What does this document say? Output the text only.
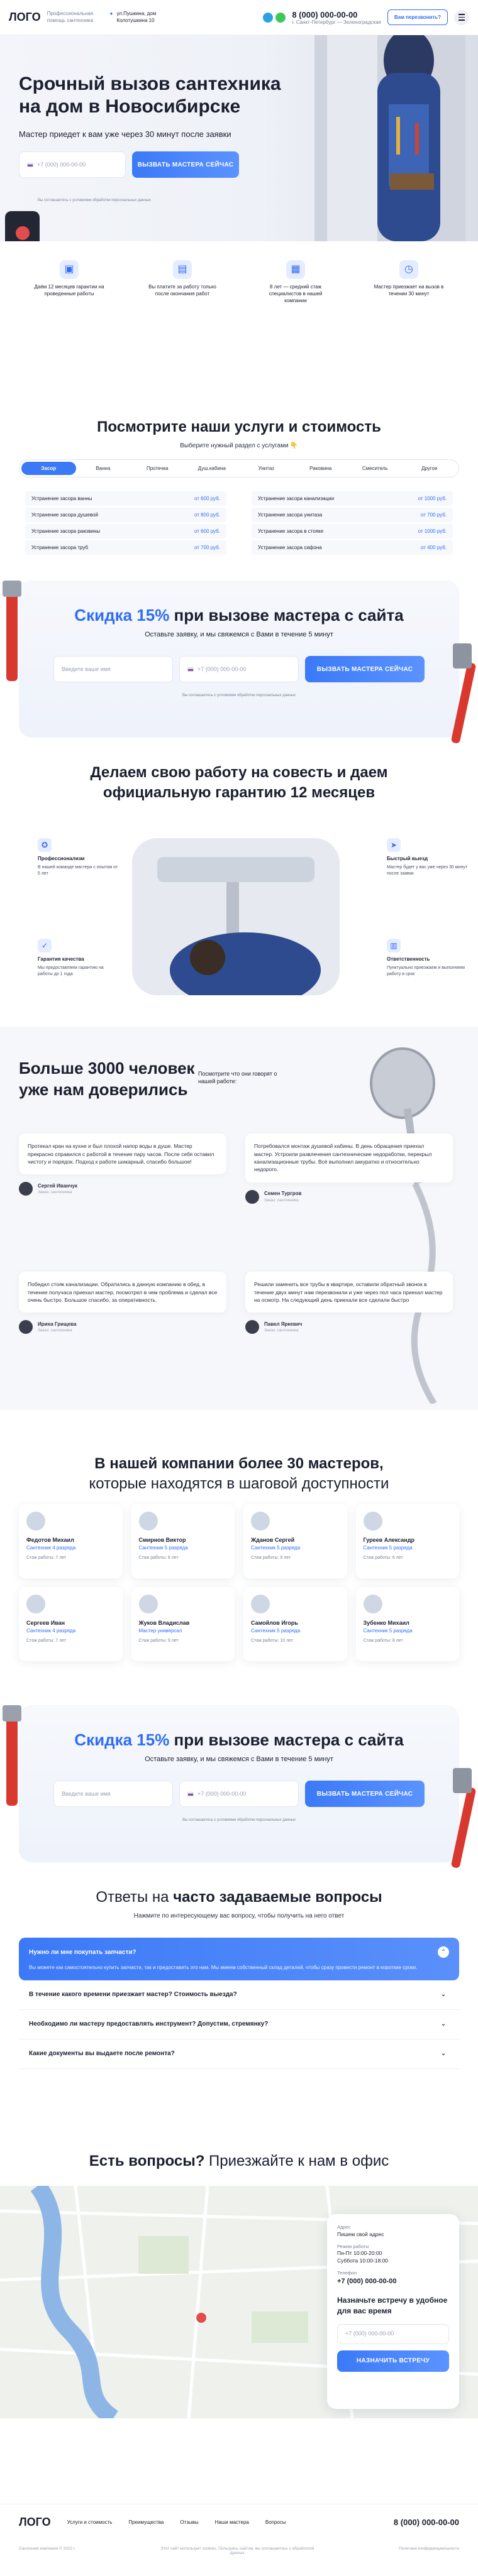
ЛОГО Профессиональная помощь сантехника
● ул.Пушкина, дом Колотушкина 10
8 (000) 000-00-00
г. Санкт-Петербург — Зеленоградская
Вам перезвонить?
Срочный вызов сантехника
на дом в Новосибирске
Мастер приедет к вам уже через 30 минут после заявки
+7 (000) 000-00-00	ВЫЗВАТЬ МАСТЕРА СЕЙЧАС
Вы соглашаетесь с условиями обработки персональных данных
▣
Даём 12 месяцев гарантии на проведенные работы
▤
Вы платите за работу только после окончания работ
▦
8 лет — средний стаж специалистов в нашей компании
◷
Мастер приезжает на вызов в течении 30 минут
Посмотрите наши услуги и стоимость
Выберите нужный раздел с услугами 👇
Засор	Ванна	Протечка	Душ.кабина	Унитаз	Раковина	Смеситель	Другое
Устранение засора ванны	от 600 руб.
Устранение засора душевой	от 800 руб.
Устранение засора раковины	от 600 руб.
Устранение засора труб	от 700 руб.
Устранение засора канализации	от 1000 руб.
Устранение засора унитаза	от 700 руб.
Устранение засора в стояке	от 1000 руб.
Устранение засора сифона	от 400 руб.
Скидка 15% при вызове мастера с сайта
Оставьте заявку, и мы свяжемся с Вами в течение 5 минут
Введите ваше имя	+7 (000) 000-00-00	ВЫЗВАТЬ МАСТЕРА СЕЙЧАС
Вы соглашаетесь с условиями обработки персональных данных
Делаем свою работу на совесть и даем
официальную гарантию 12 месяцев
✪
Профессионализм
В нашей команде мастера с опытом от 5 лет
➤
Быстрый выезд
Мастер будет у вас уже через 30 минут после заявки
✓
Гарантия качества
Мы предоставляем гарантию на работы до 1 года
▥
Ответственность
Пунктуально приезжаем и выполняем работу в срок
Больше 3000 человек
уже нам доверились
Посмотрите что они говорят о нашей работе:
Протекал кран на кухне и был плохой напор воды в душе. Мастер прекрасно справился с работой в течение пару часов. После себя оставил чистоту и порядок. Подход к работе шикарный, спасибо большое!
Сергей Иванчук
Заказ: сантехника
Потребовался монтаж душевой кабины. В день обращения приехал мастер. Устроили развлечения сантехнические недоработки, перекрыл канализационные трубы. Всё выполнил аккуратно и относительно недорого.
Семен Тургров
Заказ: сантехника
Победил стояк канализации. Обратились в данную компанию в обед, в течение получаса приехал мастер, посмотрел в чем проблема и сделал все очень быстро. Большое спасибо, за оперативность.
Ирина Грищева
Заказ: сантехника
Решили заменить все трубы в квартире, оставили обратный звонок в течение двух минут нам перезвонили и уже через пол часа приехал мастер на осмотр. На следующий день приехали все сделали быстро
Павел Яркевич
Заказ: сантехника
В нашей компании более 30 мастеров,
которые находятся в шаговой доступности
Федотов Михаил
Сантехник 4 разряда
Стаж работы: 7 лет
Смирнов Виктор
Сантехник 5 разряда
Стаж работы: 8 лет
Жданов Сергей
Сантехник 5 разряда
Стаж работы: 9 лет
Гуреев Александр
Сантехник 5 разряда
Стаж работы: 6 лет
Сергеев Иван
Сантехник 4 разряда
Стаж работы: 7 лет
Жуков Владислав
Мастер универсал
Стаж работы: 9 лет
Самойлов Игорь
Сантехник 5 разряда
Стаж работы: 10 лет
Зубенко Михаил
Сантехник 5 разряда
Стаж работы: 8 лет
Скидка 15% при вызове мастера с сайта
Оставьте заявку, и мы свяжемся с Вами в течение 5 минут
Введите ваше имя	+7 (000) 000-00-00	ВЫЗВАТЬ МАСТЕРА СЕЙЧАС
Вы соглашаетесь с условиями обработки персональных данных
Ответы на часто задаваемые вопросы
Нажмите по интересующему вас вопросу, чтобы получить на него ответ
Нужно ли мне покупать запчасти?	⌃
Вы можете как самостоятельно купить запчасти, так и предоставить это нам. Мы имеем собственный склад деталей, чтобы сразу провести ремонт в короткие сроки.
В течение какого времени приезжает мастер? Стоимость выезда?	⌄
Необходимо ли мастеру предоставлять инструмент? Допустим, стремянку?	⌄
Какие документы вы выдаете после ремонта?	⌄
Есть вопросы? Приезжайте к нам в офис
Адрес
Пишем свой адрес
Режим работы
Пн-Пт 10:00-20:00
Суббота 10:00-18:00
Телефон
+7 (000) 000-00-00
Назначьте встречу в удобное для вас время
+7 (000) 000-00-00
НАЗНАЧИТЬ ВСТРЕЧУ
ЛОГО	Услуги и стоимость	Преимущества	Отзывы	Наши мастера	Вопросы	8 (000) 000-00-00
Сантехник компания © 2022 г.	Этот сайт использует cookies. Пользуясь сайтом, вы соглашаетесь с обработкой данных
Политика конфиденциальности
